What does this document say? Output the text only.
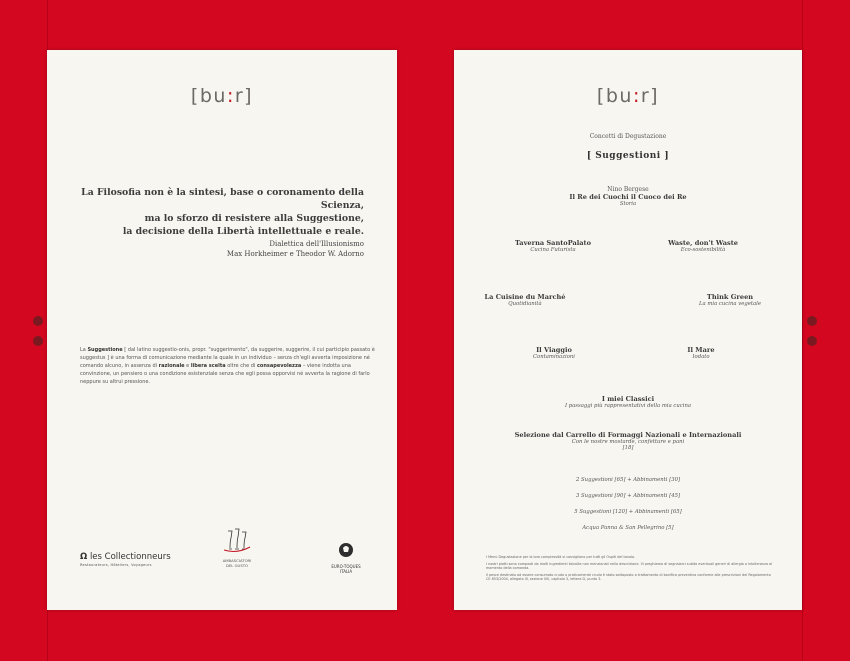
[bu:r]
La Filosofia non è la sintesi, base o coronamento della Scienza,
ma lo sforzo di resistere alla Suggestione,
la decisione della Libertà intellettuale e reale.
Dialettica dell'Illusionismo
Max Horkheimer e Theodor W. Adorno
La Suggestione [ dal latino suggestio-onis, propr. "suggerimento", da suggerire, suggerire, il cui participio passato è suggestus ] è una forma di comunicazione mediante la quale in un individuo – senza ch'egli avverta imposizione né comando alcuno, in assenza di razionale e libera scelta oltre che di consapevolezza – viene indotta una convinzione, un pensiero o una condizione esistenziale senza che egli possa opporvisi né avverta la ragione di farlo neppure su altrui pressione.
Ω les Collectionneurs
Restaurateurs, Hôteliers, Voyageurs
AMBASCIATORI
DEL GUSTO	EURO-TOQUES ITALIA
[bu:r]
Concetti di Degustazione
[ Suggestioni ]
Nino Bergese
Il Re dei Cuochi il Cuoco dei Re
Storia
Taverna SantoPalato
Cucina Futurista
Waste, don't Waste
Eco-sostenibilità
La Cuisine du Marché
Quotidianità
Think Green
La mia cucina vegetale
Il Viaggio
Contaminazioni
Il Mare
Iodato
I miei Classici
I passaggi più rappresentativi della mia cucina
Selezione dal Carrello di Formaggi Nazionali e Internazionali
Con le nostre mostarde, confetture e pani
[18]
2 Suggestioni [65] + Abbinamenti [30]
3 Suggestioni [90] + Abbinamenti [45]
5 Suggestioni [120] + Abbinamenti [65]
Acqua Panna & San Pellegrino [5]

I Menù Degustazione per la loro complessità si consigliano per tutti gli Ospiti del tavolo.

I nostri piatti sono composti da molti ingredienti talvolta non menzionati nella descrizione. Vi preghiamo di segnalarci subito eventuali generi di allergia o intolleranza al momento della comanda.

Il pesce destinato ad essere consumato crudo o praticamente crudo è stato sottoposto a trattamento di bonifica preventiva conforme alle prescrizioni del Regolamento CE 853/2004, allegato III, sezione VIII, capitolo 3, lettera D, punto 3.
